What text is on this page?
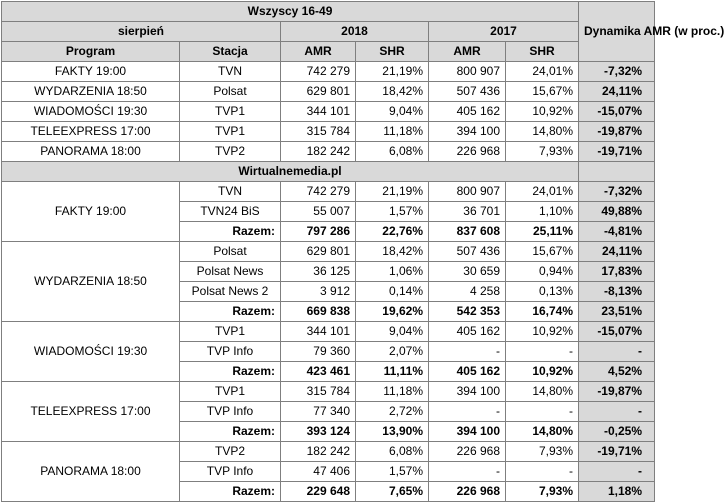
Wszyscy 16-49						Dynamika AMR (w proc.)
sierpień		2018		2017		
Program	Stacja	AMR	SHR	AMR	SHR	
FAKTY 19:00	TVN	742 279	21,19%	800 907	24,01%	-7,32%
WYDARZENIA 18:50	Polsat	629 801	18,42%	507 436	15,67%	24,11%
WIADOMOŚCI 19:30	TVP1	344 101	9,04%	405 162	10,92%	-15,07%
TELEEXPRESS 17:00	TVP1	315 784	11,18%	394 100	14,80%	-19,87%
PANORAMA 18:00	TVP2	182 242	6,08%	226 968	7,93%	-19,71%
Wirtualnemedia.pl						
FAKTY 19:00	TVN	742 279	21,19%	800 907	24,01%	-7,32%
	TVN24 BiS	55 007	1,57%	36 701	1,10%	49,88%
	Razem:	797 286	22,76%	837 608	25,11%	-4,81%
WYDARZENIA 18:50	Polsat	629 801	18,42%	507 436	15,67%	24,11%
	Polsat News	36 125	1,06%	30 659	0,94%	17,83%
	Polsat News 2	3 912	0,14%	4 258	0,13%	-8,13%
	Razem:	669 838	19,62%	542 353	16,74%	23,51%
WIADOMOŚCI 19:30	TVP1	344 101	9,04%	405 162	10,92%	-15,07%
	TVP Info	79 360	2,07%	-	-	-
	Razem:	423 461	11,11%	405 162	10,92%	4,52%
TELEEXPRESS 17:00	TVP1	315 784	11,18%	394 100	14,80%	-19,87%
	TVP Info	77 340	2,72%	-	-	-
	Razem:	393 124	13,90%	394 100	14,80%	-0,25%
PANORAMA 18:00	TVP2	182 242	6,08%	226 968	7,93%	-19,71%
	TVP Info	47 406	1,57%	-	-	-
	Razem:	229 648	7,65%	226 968	7,93%	1,18%
